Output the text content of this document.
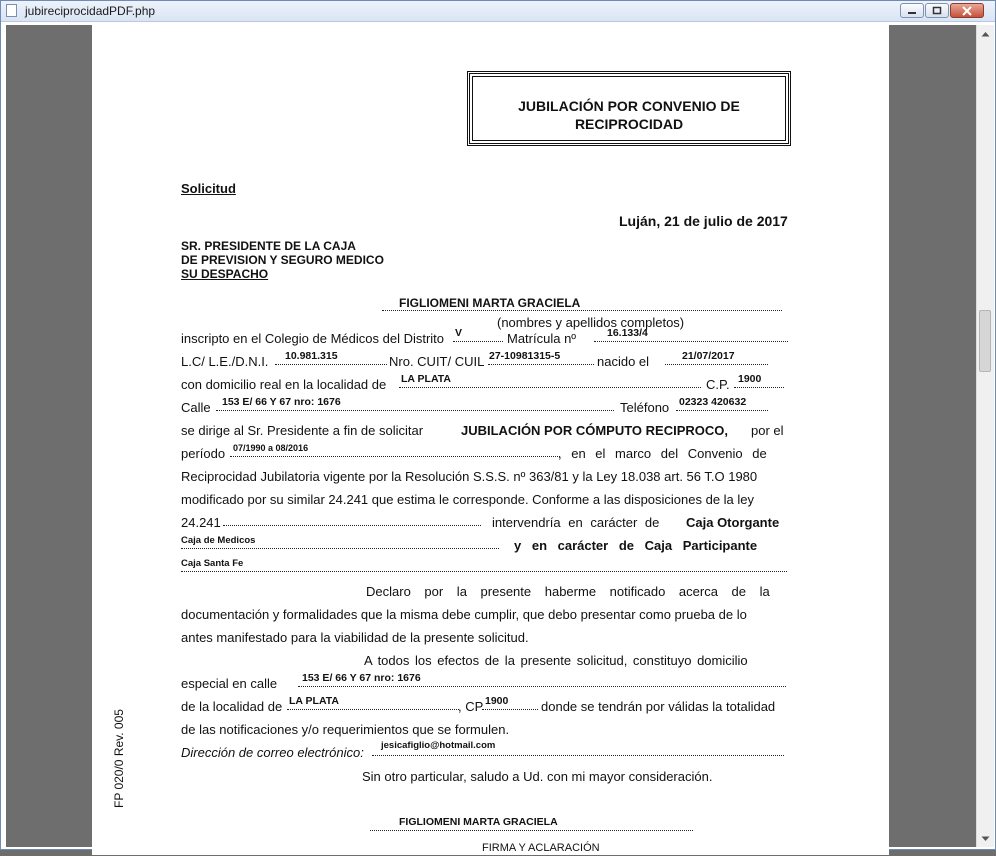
jubireciprocidadPDF.php
JUBILACIÓN POR CONVENIO DE
RECIPROCIDAD
Solicitud
Luján, 21 de julio de 2017
SR. PRESIDENTE DE LA CAJA
DE PREVISION Y SEGURO MEDICO
SU DESPACHO
FIGLIOMENI MARTA GRACIELA
(nombres y apellidos completos)
inscripto en el Colegio de Médicos del Distrito V	Matrícula nº	16.133/4
L.C/ L.E./D.N.I. 10.981.315	Nro. CUIT/ CUIL 27-10981315-5	nacido el	21/07/2017
con domicilio real en la localidad de LA PLATA	C.P. 1900
Calle 153 E/ 66 Y 67 nro: 1676	Teléfono 02323 420632
se dirige al Sr. Presidente a fin de solicitar	JUBILACIÓN POR CÓMPUTO RECIPROCO, por el
período 07/1990 a 08/2016	, en el marco del Convenio de
Reciprocidad Jubilatoria vigente por la Resolución S.S.S. nº 363/81 y la Ley 18.038 art. 56 T.O 1980
modificado por su similar 24.241 que estima le corresponde. Conforme a las disposiciones de la ley
24.241	intervendría en carácter de Caja Otorgante
Caja de Medicos	y en carácter de Caja Participante
Caja Santa Fe
Declaro por la presente haberme notificado acerca de la
documentación y formalidades que la misma debe cumplir, que debo presentar como prueba de lo
antes manifestado para la viabilidad de la presente solicitud.
A todos los efectos de la presente solicitud, constituyo domicilio
especial en calle 153 E/ 66 Y 67 nro: 1676
de la localidad de LA PLATA	, CP 1900	donde se tendrán por válidas la totalidad
de las notificaciones y/o requerimientos que se formulen.
Dirección de correo electrónico: jesicafiglio@hotmail.com
Sin otro particular, saludo a Ud. con mi mayor consideración.
FIGLIOMENI MARTA GRACIELA
FIRMA Y ACLARACIÓN
FP 020/0 Rev. 005
